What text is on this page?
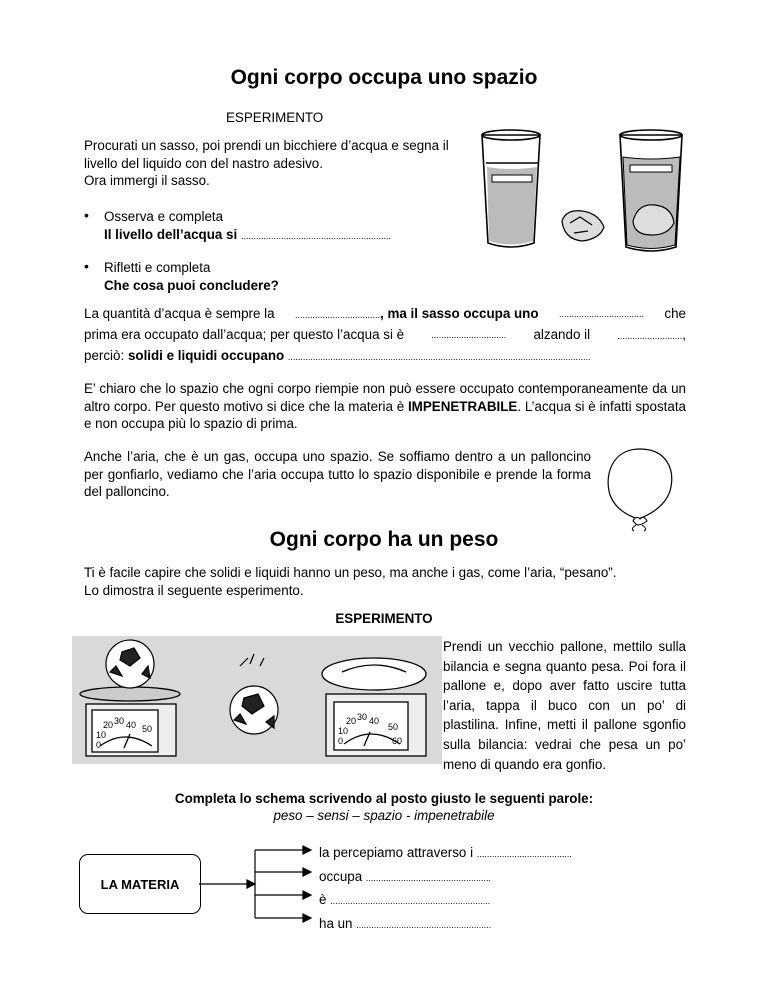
Ogni corpo occupa uno spazio
ESPERIMENTO

Procurati un sasso, poi prendi un bicchiere d’acqua e segna il

livello del liquido con del nastro adesivo.

Ora immergi il sasso.

• Osserva e completa

Il livello dell’acqua si ............................................................

• Rifletti e completa

Che cosa puoi concludere?

La quantità d’acqua è sempre la .................................., ma il sasso occupa uno .................................. che
prima era occupato dall’acqua; per questo l’acqua si è	.............................. alzando il	..........................,
perciò: solidi e liquidi occupano .........................................................................................................................

E’ chiaro che lo spazio che ogni corpo riempie non può essere occupato contemporaneamente da un altro corpo. Per questo motivo si dice che la materia è IMPENETRABILE. L’acqua si è infatti spostata e non occupa più lo spazio di prima.

Anche l’aria, che è un gas, occupa uno spazio. Se soffiamo dentro a un palloncino per gonfiarlo, vediamo che l’aria occupa tutto lo spazio disponibile e prende la forma del palloncino.

Ogni corpo ha un peso

Ti è facile capire che solidi e liquidi hanno un peso, ma anche i gas, come l’aria, “pesano”.

Lo dimostra il seguente esperimento.

ESPERIMENTO
20 30 40 50
10
0
20 30 40
50
60
10
0

Prendi un vecchio pallone, mettilo sulla bilancia e segna quanto pesa. Poi fora il pallone e, dopo aver fatto uscire tutta l’aria, tappa il buco con un po’ di plastilina. Infine, metti il pallone sgonfio sulla bilancia: vedrai che pesa un po’ meno di quando era gonfio.

Completa lo schema scrivendo al posto giusto le seguenti parole:
peso – sensi – spazio - impenetrabile
LA MATERIA
la percepiamo attraverso i ......................................
occupa ..................................................
è ................................................................
ha un ......................................................
